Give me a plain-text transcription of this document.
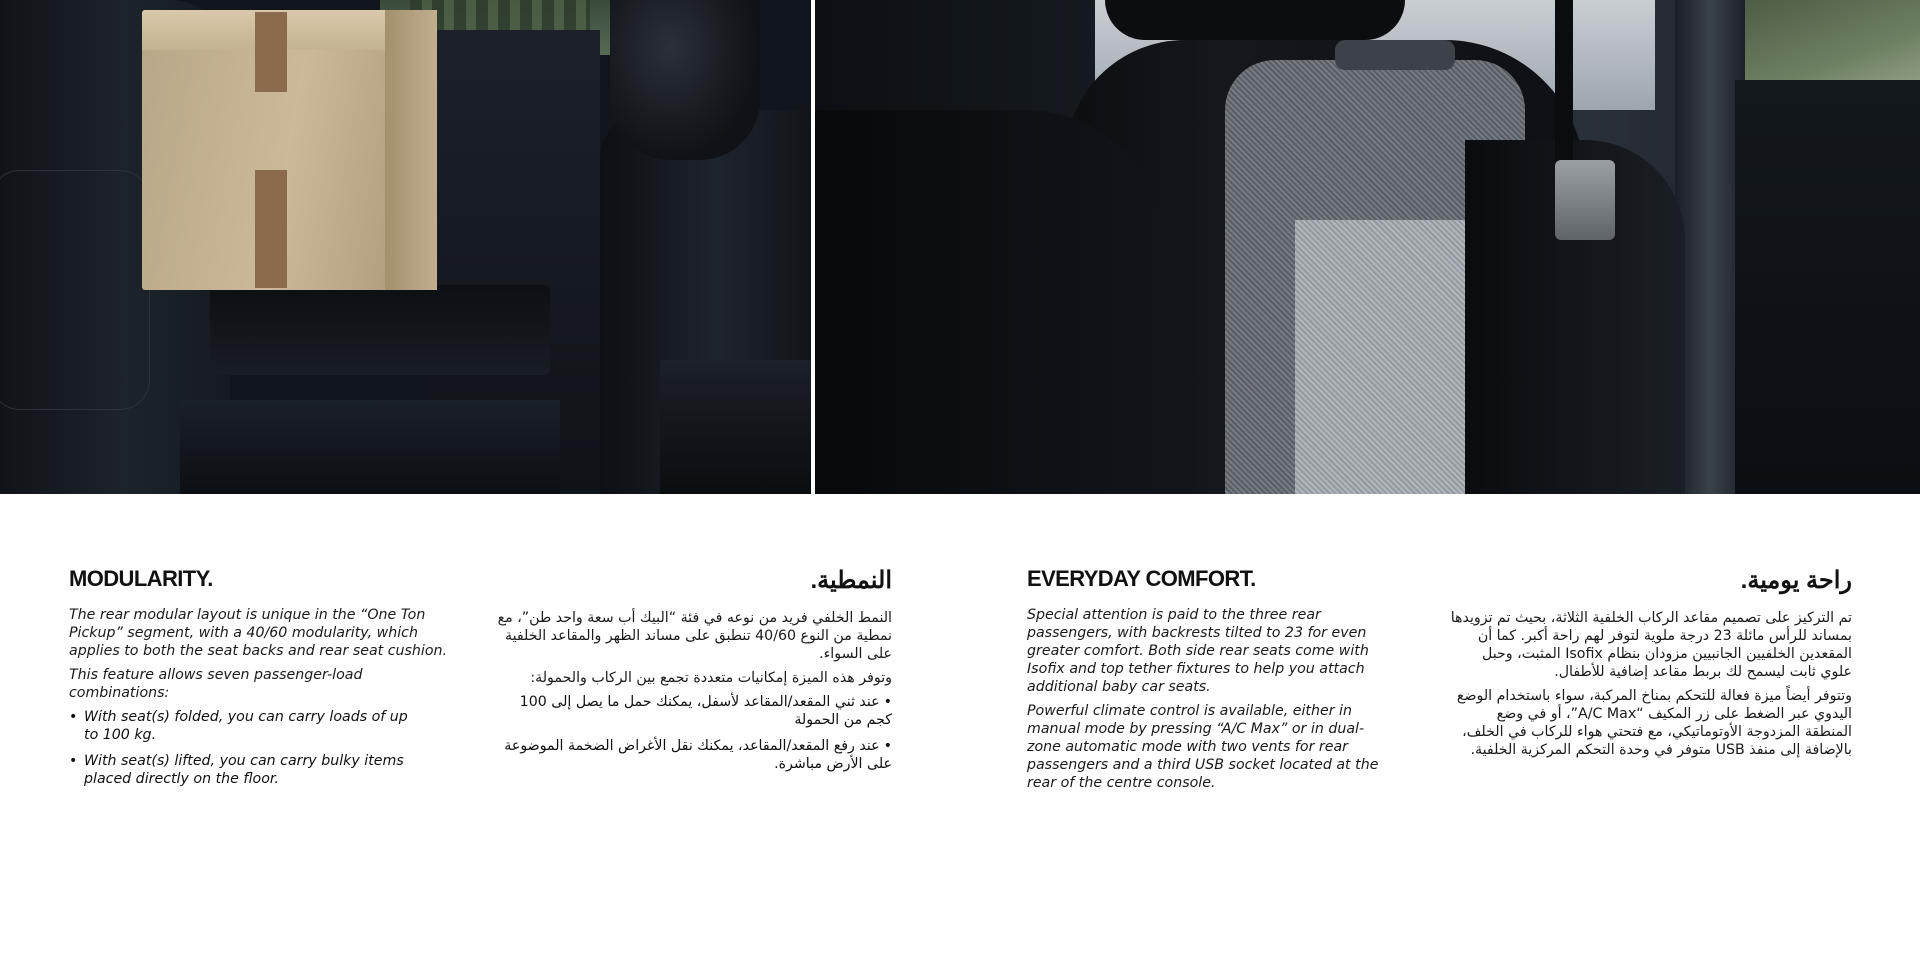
MODULARITY.

The rear modular layout is unique in the “One Ton Pickup” segment, with a 40/60 modularity, which applies to both the seat backs and rear seat cushion.

This feature allows seven passenger-load combinations:

• With seat(s) folded, you can carry loads of up to 100 kg.
• With seat(s) lifted, you can carry bulky items placed directly on the floor.
النمطية.

النمط الخلفي فريد من نوعه في فئة “البيك أب سعة واحد طن”، مع نمطية من النوع 40/60 تنطبق على مساند الظهر والمقاعد الخلفية على السواء.

وتوفر هذه الميزة إمكانيات متعددة تجمع بين الركاب والحمولة:

•عند ثني المقعد/المقاعد لأسفل، يمكنك حمل ما يصل إلى 100 كجم من الحمولة
•عند رفع المقعد/المقاعد، يمكنك نقل الأغراض الضخمة الموضوعة على الأرض مباشرة.
EVERYDAY COMFORT.

Special attention is paid to the three rear passengers, with backrests tilted to 23 for even greater comfort. Both side rear seats come with Isofix and top tether fixtures to help you attach additional baby car seats.

Powerful climate control is available, either in manual mode by pressing “A/C Max” or in dual-zone automatic mode with two vents for rear passengers and a third USB socket located at the rear of the centre console.

راحة يومية.

تم التركيز على تصميم مقاعد الركاب الخلفية الثلاثة، بحيث تم تزويدها بمساند للرأس مائلة 23 درجة ملوية لتوفر لهم راحة أكبر. كما أن المقعدين الخلفيين الجانبيين مزودان بنظام Isofix المثبت، وحبل علوي ثابت ليسمح لك بربط مقاعد إضافية للأطفال.

وتتوفر أيضاً ميزة فعالة للتحكم بمناخ المركبة، سواء باستخدام الوضع اليدوي عبر الضغط على زر المكيف “A/C Max”، أو في وضع المنطقة المزدوجة الأوتوماتيكي، مع فتحتي هواء للركاب في الخلف، بالإضافة إلى منفذ USB متوفر في وحدة التحكم المركزية الخلفية.
